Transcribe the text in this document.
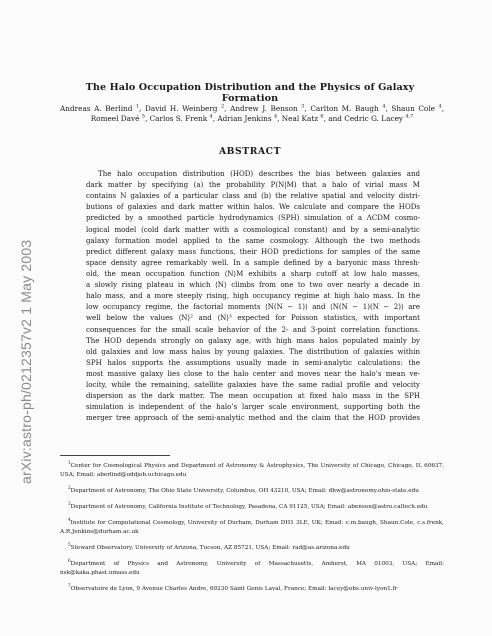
arXiv:astro-ph/0212357v2 1 May 2003
The Halo Occupation Distribution and the Physics of Galaxy Formation
Andreas A. Berlind $^1$, David H. Weinberg $^2$, Andrew J. Benson $^3$, Carlton M. Baugh $^4$, Shaun Cole $^4$, Romeel Davé $^5$, Carlos S. Frenk $^4$, Adrian Jenkins $^4$, Neal Katz $^6$, and Cedric G. Lacey $^{4,7}$
ABSTRACT
The halo occupation distribution (HOD) describes the bias between galaxies and
dark matter by specifying (a) the probability P(N|M) that a halo of virial mass M
contains N galaxies of a particular class and (b) the relative spatial and velocity distri-
butions of galaxies and dark matter within halos. We calculate and compare the HODs
predicted by a smoothed particle hydrodynamics (SPH) simulation of a ΛCDM cosmo-
logical model (cold dark matter with a cosmological constant) and by a semi-analytic
galaxy formation model applied to the same cosmology. Although the two methods
predict different galaxy mass functions, their HOD predictions for samples of the same
space density agree remarkably well. In a sample defined by a baryonic mass thresh-
old, the mean occupation function ⟨N⟩M exhibits a sharp cutoff at low halo masses,
a slowly rising plateau in which ⟨N⟩ climbs from one to two over nearly a decade in
halo mass, and a more steeply rising, high occupancy regime at high halo mass. In the
low occupancy regime, the factorial moments ⟨N(N − 1)⟩ and ⟨N(N − 1)(N − 2)⟩ are
well below the values ⟨N⟩² and ⟨N⟩³ expected for Poisson statistics, with important
consequences for the small scale behavior of the 2- and 3-point correlation functions.
The HOD depends strongly on galaxy age, with high mass halos populated mainly by
old galaxies and low mass halos by young galaxies. The distribution of galaxies within
SPH halos supports the assumptions usually made in semi-analytic calculations: the
most massive galaxy lies close to the halo center and moves near the halo’s mean ve-
locity, while the remaining, satellite galaxies have the same radial profile and velocity
dispersion as the dark matter. The mean occupation at fixed halo mass in the SPH
simulation is independent of the halo’s larger scale environment, supporting both the
merger tree approach of the semi-analytic method and the claim that the HOD provides
$^1$Center for Cosmological Physics and Department of Astronomy & Astrophysics, The University of Chicago, Chicago, IL 60637, USA; Email: aberlind@oddjob.uchicago.edu
$^2$Department of Astronomy, The Ohio State University, Columbus, OH 43210, USA; Email: dhw@astronomy.ohio-state.edu
$^3$Department of Astronomy, California Institute of Technology, Pasadena, CA 91125, USA; Email: abenson@astro.caltech.edu
$^4$Institute for Computational Cosmology, University of Durham, Durham DH1 3LE, UK; Email: c.m.baugh, Shaun.Cole, c.s.frenk, A.R.Jenkins@durham.ac.uk
$^5$Steward Observatory, University of Arizona, Tucson, AZ 85721, USA; Email: rad@as.arizona.edu
$^6$Department of Physics and Astronomy, University of Massachusetts, Amherst, MA 01003, USA; Email: nsk@kaka.phast.umass.edu
$^7$Observatoire de Lyon, 9 Avenue Charles Andre, 69230 Saint Genis Laval, France; Email: lacey@obs.univ-lyon1.fr
